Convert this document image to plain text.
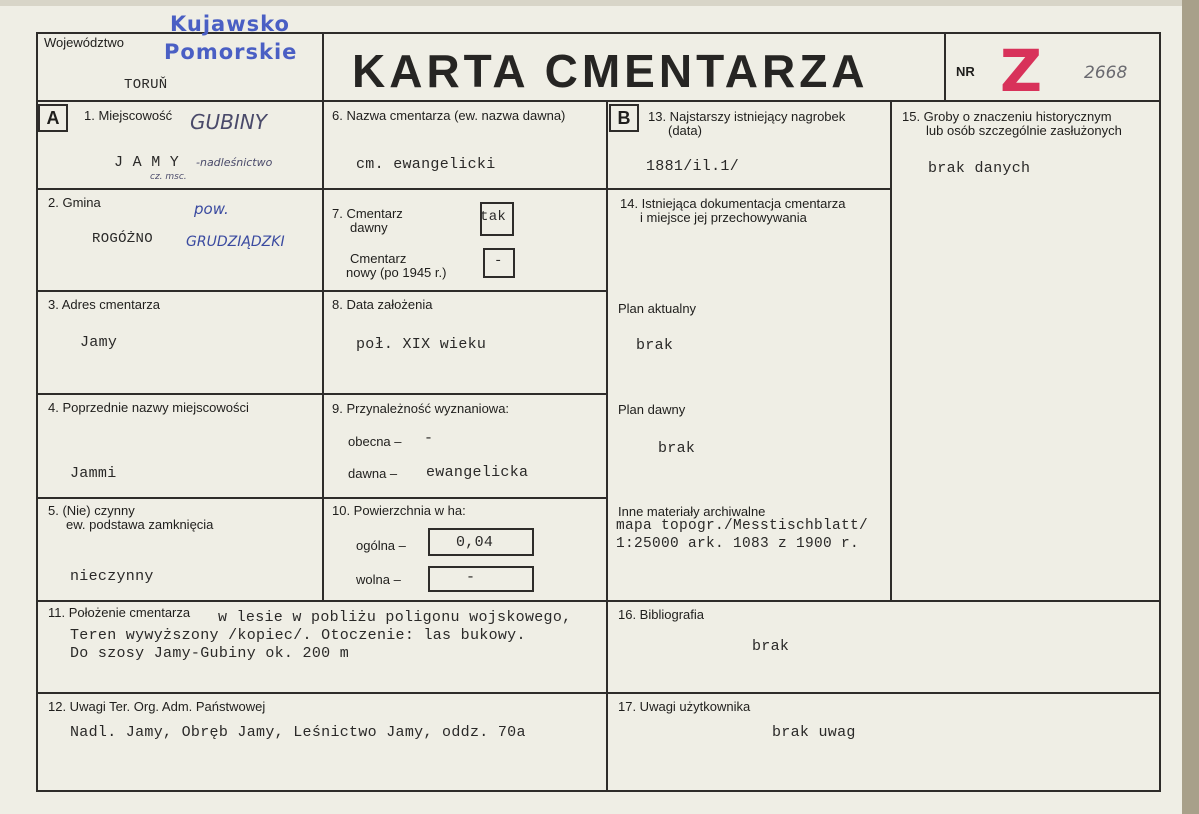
Województwo
Kujawsko
Pomorskie
TORUŇ	KARTA CMENTARZA	NR Z 2668
A	B
1. Miejscowość GUBINY
J A M Y -nadleśnictwo
cz. msc.
2. Gmina
ROGÓŻNO
pow.
GRUDZIĄDZKI
3. Adres cmentarza
Jamy
4. Poprzednie nazwy miejscowości
Jammi
5. (Nie) czynny
ew. podstawa zamknięcia
nieczynny
6. Nazwa cmentarza (ew. nazwa dawna)
cm. ewangelicki
7. Cmentarz
dawny
tak
Cmentarz
nowy (po 1945 r.)
-
8. Data założenia
poł. XIX wieku
9. Przynależność wyznaniowa:
obecna – -
dawna – ewangelicka
10. Powierzchnia w ha:
ogólna –	0,04
wolna –	-
11. Położenie cmentarza w lesie w pobliżu poligonu wojskowego,
Teren wywyższony /kopiec/. Otoczenie: las bukowy.
Do szosy Jamy-Gubiny ok. 200 m
12. Uwagi Ter. Org. Adm. Państwowej
Nadl. Jamy, Obręb Jamy, Leśnictwo Jamy, oddz. 70a
13. Najstarszy istniejący nagrobek
(data)
1881/il.1/
14. Istniejąca dokumentacja cmentarza
i miejsce jej przechowywania
Plan aktualny
brak
Plan dawny
brak
Inne materiały archiwalne
mapa topogr./Messtischblatt/
1:25000 ark. 1083 z 1900 r.
15. Groby o znaczeniu historycznym
lub osób szczególnie zasłużonych
brak danych
16. Bibliografia
brak
17. Uwagi użytkownika
brak uwag
